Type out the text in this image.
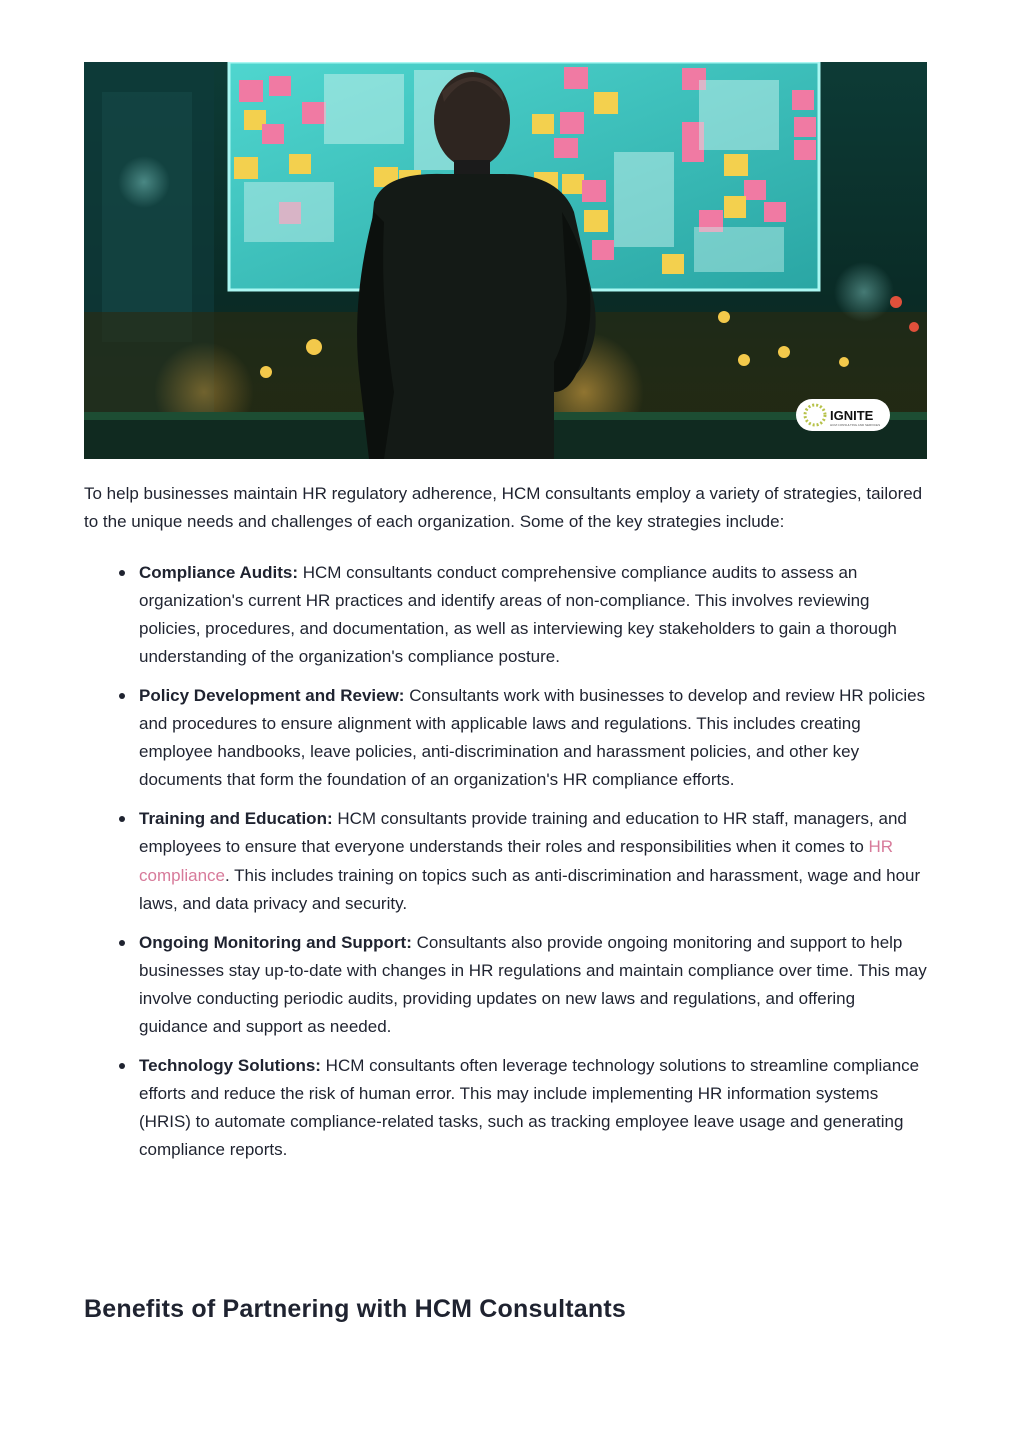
IGNITE
HCM CONSULTING AND SERVICES

To help businesses maintain HR regulatory adherence, HCM consultants employ a variety of strategies, tailored to the unique needs and challenges of each organization. Some of the key strategies include:

Compliance Audits: HCM consultants conduct comprehensive compliance audits to assess an organization's current HR practices and identify areas of non-compliance. This involves reviewing policies, procedures, and documentation, as well as interviewing key stakeholders to gain a thorough understanding of the organization's compliance posture.
Policy Development and Review: Consultants work with businesses to develop and review HR policies and procedures to ensure alignment with applicable laws and regulations. This includes creating employee handbooks, leave policies, anti-discrimination and harassment policies, and other key documents that form the foundation of an organization's HR compliance efforts.
Training and Education: HCM consultants provide training and education to HR staff, managers, and employees to ensure that everyone understands their roles and responsibilities when it comes to HR compliance. This includes training on topics such as anti-discrimination and harassment, wage and hour laws, and data privacy and security.
Ongoing Monitoring and Support: Consultants also provide ongoing monitoring and support to help businesses stay up-to-date with changes in HR regulations and maintain compliance over time. This may involve conducting periodic audits, providing updates on new laws and regulations, and offering guidance and support as needed.
Technology Solutions: HCM consultants often leverage technology solutions to streamline compliance efforts and reduce the risk of human error. This may include implementing HR information systems (HRIS) to automate compliance-related tasks, such as tracking employee leave usage and generating compliance reports.
Benefits of Partnering with HCM Consultants
